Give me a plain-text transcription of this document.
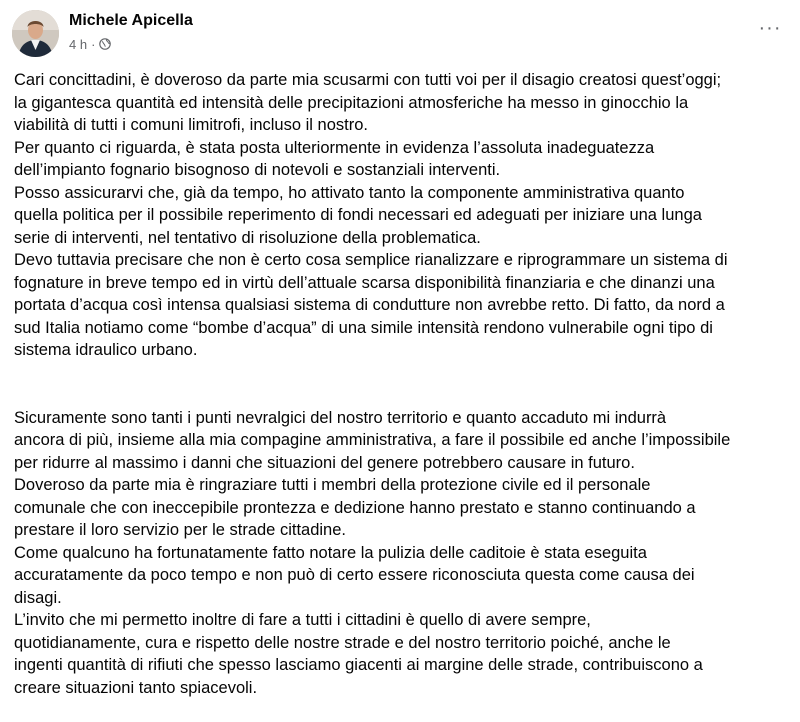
Michele Apicella
4 h ·
···

Cari concittadini, è doveroso da parte mia scusarmi con tutti voi per il disagio creatosi quest’oggi;

la gigantesca quantità ed intensità delle precipitazioni atmosferiche ha messo in ginocchio la

viabilità di tutti i comuni limitrofi, incluso il nostro.

Per quanto ci riguarda, è stata posta ulteriormente in evidenza l’assoluta inadeguatezza

dell’impianto fognario bisognoso di notevoli e sostanziali interventi.

Posso assicurarvi che, già da tempo, ho attivato tanto la componente amministrativa quanto

quella politica per il possibile reperimento di fondi necessari ed adeguati per iniziare una lunga

serie di interventi, nel tentativo di risoluzione della problematica.

Devo tuttavia precisare che non è certo cosa semplice rianalizzare e riprogrammare un sistema di

fognature in breve tempo ed in virtù dell’attuale scarsa disponibilità finanziaria e che dinanzi una

portata d’acqua così intensa qualsiasi sistema di condutture non avrebbe retto. Di fatto, da nord a

sud Italia notiamo come “bombe d’acqua” di una simile intensità rendono vulnerabile ogni tipo di

sistema idraulico urbano.

Sicuramente sono tanti i punti nevralgici del nostro territorio e quanto accaduto mi indurrà

ancora di più, insieme alla mia compagine amministrativa, a fare il possibile ed anche l’impossibile

per ridurre al massimo i danni che situazioni del genere potrebbero causare in futuro.

Doveroso da parte mia è ringraziare tutti i membri della protezione civile ed il personale

comunale che con ineccepibile prontezza e dedizione hanno prestato e stanno continuando a

prestare il loro servizio per le strade cittadine.

Come qualcuno ha fortunatamente fatto notare la pulizia delle caditoie è stata eseguita

accuratamente da poco tempo e non può di certo essere riconosciuta questa come causa dei

disagi.

L’invito che mi permetto inoltre di fare a tutti i cittadini è quello di avere sempre,

quotidianamente, cura e rispetto delle nostre strade e del nostro territorio poiché, anche le

ingenti quantità di rifiuti che spesso lasciamo giacenti ai margine delle strade, contribuiscono a

creare situazioni tanto spiacevoli.
